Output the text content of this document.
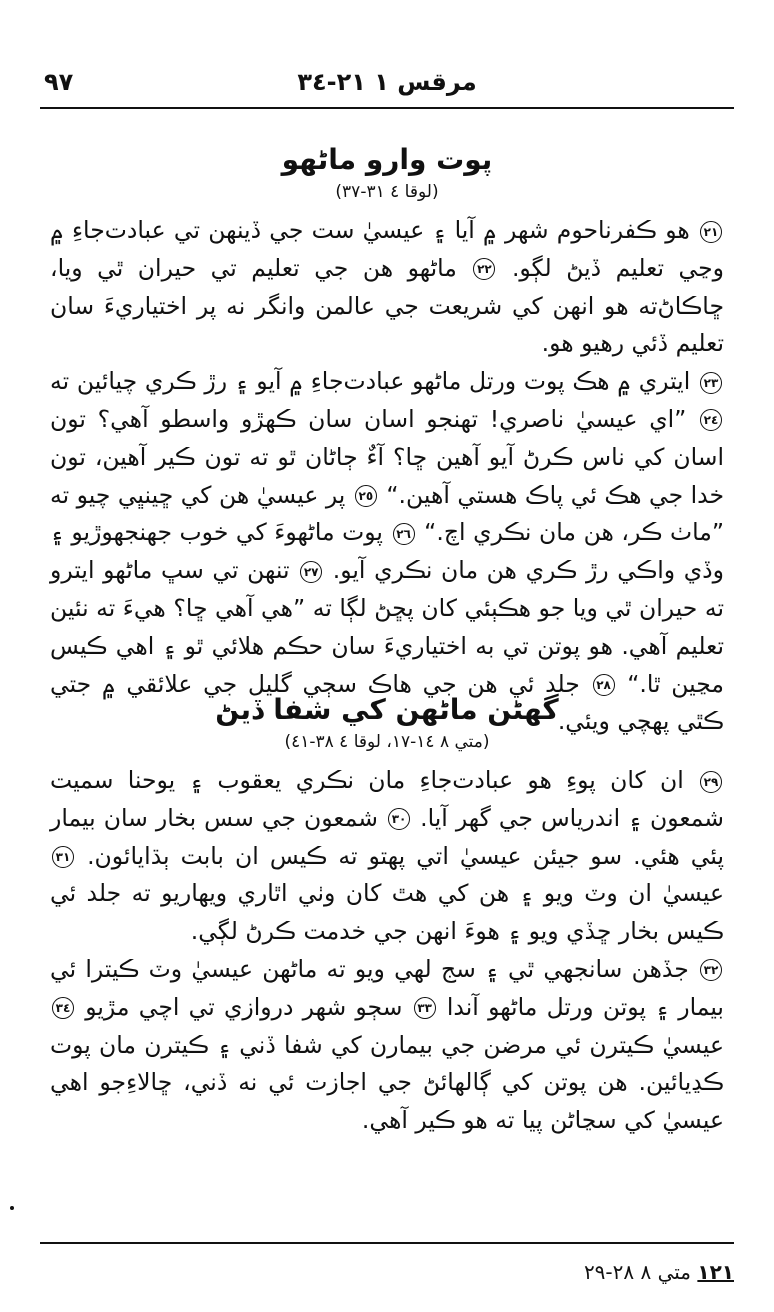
مرقس ١ ٢١-٣٤
٩٧
پوت وارو ماڻهو

(لوقا ٤ ٣١-٣٧)

٢١ هو ڪفرناحوم شهر ۾ آيا ۽ عيسيٰ ست جي ڏينهن تي عبادت‌جاءِ ۾ وڃي تعليم ڏيڻ لڳو. ٢٢ ماڻهو هن جي تعليم تي حيران ٿي ويا، ڇاڪاڻ‌ته هو انهن کي شريعت جي عالمن وانگر نه پر اختياريءَ سان تعليم ڏئي رهيو هو.

٢٣ ايتري ۾ هڪ پوت ورتل ماڻهو عبادت‌جاءِ ۾ آيو ۽ رڙ ڪري چيائين ته ٢٤ ”اي عيسيٰ ناصري! تهنجو اسان سان ڪهڙو واسطو آهي؟ تون اسان کي ناس ڪرڻ آيو آهين ڇا؟ آءٌ ڄاڻان ٿو ته تون ڪير آهين، تون خدا جي هڪ ئي پاڪ هستي آهين.“ ٢٥ پر عيسيٰ هن کي ڇينڀي چيو ته ”ماٺ ڪر، هن مان نڪري اچ.“ ٢٦ پوت ماڻهوءَ کي خوب جهنجهوڙيو ۽ وڏي واڪي رڙ ڪري هن مان نڪري آيو. ٢٧ تنهن تي سڀ ماڻهو ايترو ته حيران ٿي ويا جو هڪٻئي کان پڇڻ لڳا ته ”هي آهي ڇا؟ هيءَ ته نئين تعليم آهي. هو پوتن تي به اختياريءَ سان حڪم هلائي ٿو ۽ اهي ڪيس مڃين ٿا.“ ٢٨ جلد ئي هن جي هاڪ سڄي گليل جي علائقي ۾ جتي ڪٿي پهچي ويئي.

گهڻن ماڻهن کي شفا ڏيڻ

(متي ٨ ١٤-١٧، لوقا ٤ ٣٨-٤١)

٢٩ ان کان پوءِ هو عبادت‌جاءِ مان نڪري يعقوب ۽ يوحنا سميت شمعون ۽ اندرياس جي گهر آيا. ٣٠ شمعون جي سس بخار سان بيمار پئي هئي. سو جيئن عيسيٰ اتي پهتو ته ڪيس ان بابت ٻڌايائون. ٣١ عيسيٰ ان وٽ ويو ۽ هن کي هٿ کان وٺي اٿاري ويهاريو ته جلد ئي ڪيس بخار ڇڏي ويو ۽ هوءَ انهن جي خدمت ڪرڻ لڳي.

٣٢ جڏهن سانجهي ٿي ۽ سج لهي ويو ته ماڻهن عيسيٰ وٽ ڪيترا ئي بيمار ۽ پوتن ورتل ماڻهو آندا ٣٣ سڄو شهر دروازي تي اچي مڙيو ٣٤ عيسيٰ ڪيترن ئي مرضن جي بيمارن کي شفا ڏني ۽ ڪيترن مان پوت ڪڍيائين. هن پوتن کي ڳالهائڻ جي اجازت ئي نه ڏني، ڇالاءِ‌جو اهي عيسيٰ کي سڃاڻن پيا ته هو ڪير آهي.

١٢١ متي ٨ ٢٨-٢٩
